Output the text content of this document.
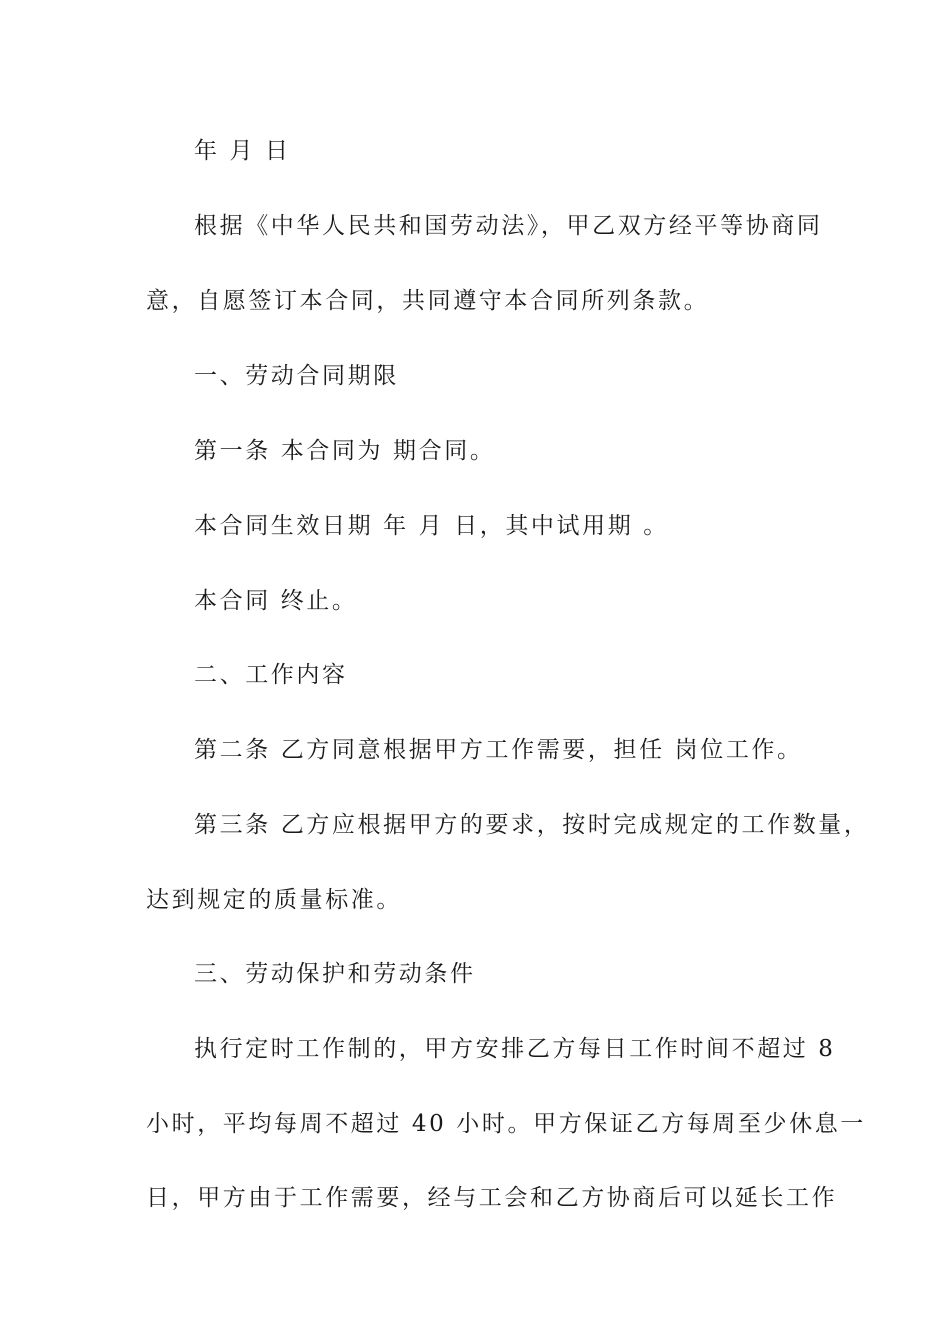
年 月 日

根据《中华人民共和国劳动法》，甲乙双方经平等协商同

意，自愿签订本合同，共同遵守本合同所列条款。

一、劳动合同期限

第一条 本合同为 期合同。

本合同生效日期 年 月 日，其中试用期 。

本合同 终止。

二、工作内容

第二条 乙方同意根据甲方工作需要，担任 岗位工作。

第三条 乙方应根据甲方的要求，按时完成规定的工作数量，

达到规定的质量标准。

三、劳动保护和劳动条件

执行定时工作制的，甲方安排乙方每日工作时间不超过 8

小时，平均每周不超过 40 小时。甲方保证乙方每周至少休息一

日，甲方由于工作需要，经与工会和乙方协商后可以延长工作
